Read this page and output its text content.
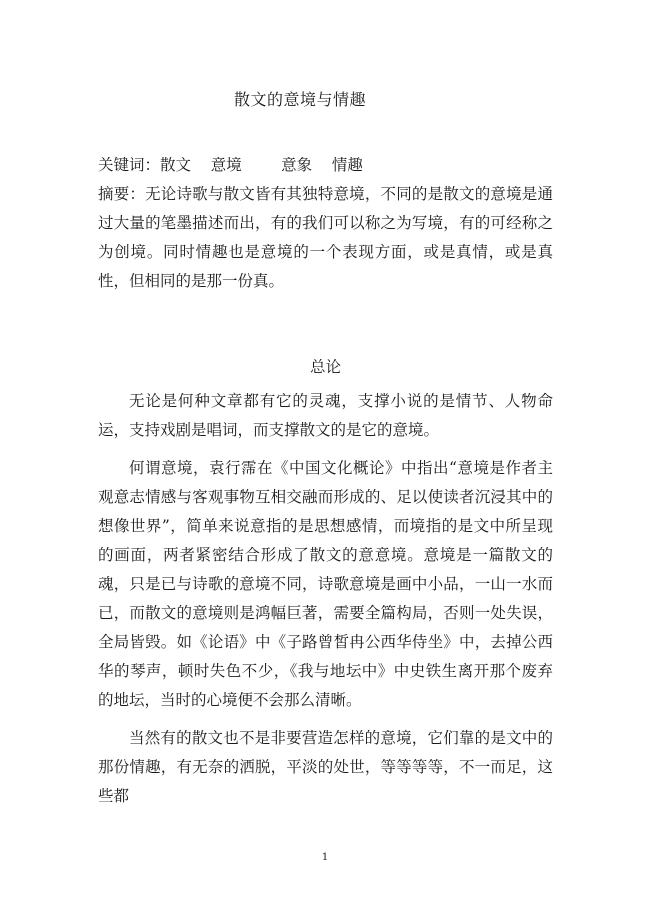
散文的意境与情趣
关键词：散文    意境        意象    情趣
摘要：无论诗歌与散文皆有其独特意境，不同的是散文的意境是通过大量的笔墨描述而出，有的我们可以称之为写境，有的可经称之为创境。同时情趣也是意境的一个表现方面，或是真情，或是真性，但相同的是那一份真。
总论

无论是何种文章都有它的灵魂，支撑小说的是情节、人物命运，支持戏剧是唱词，而支撑散文的是它的意境。

何谓意境，袁行霈在《中国文化概论》中指出“意境是作者主观意志情感与客观事物互相交融而形成的、足以使读者沉浸其中的想像世界”，简单来说意指的是思想感情，而境指的是文中所呈现的画面，两者紧密结合形成了散文的意意境。意境是一篇散文的魂，只是已与诗歌的意境不同，诗歌意境是画中小品，一山一水而已，而散文的意境则是鸿幅巨著，需要全篇构局，否则一处失误，全局皆毁。如《论语》中《子路曾皙冉公西华侍坐》中，去掉公西华的琴声，顿时失色不少，《我与地坛中》中史铁生离开那个废弃的地坛，当时的心境便不会那么清晰。

当然有的散文也不是非要营造怎样的意境，它们靠的是文中的那份情趣，有无奈的洒脱，平淡的处世，等等等等，不一而足，这些都

1
